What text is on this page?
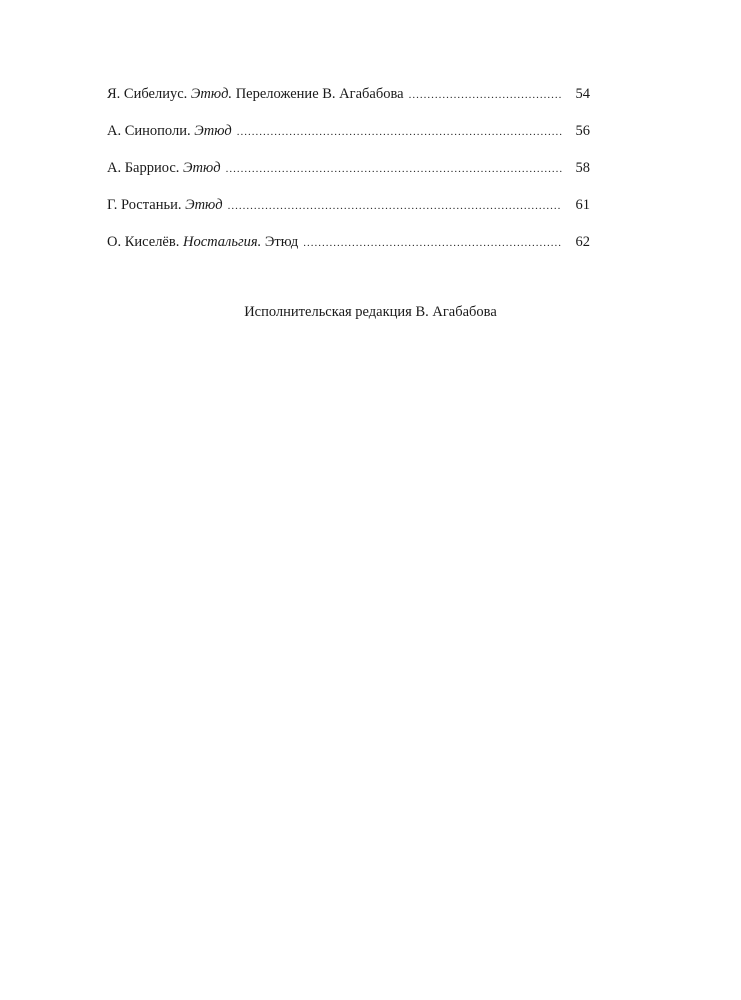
Я. Сибелиус. Этюд. Переложение В. Агабабова .....	54
А. Синополи. Этюд .....	56
А. Барриос. Этюд .....	58
Г. Ростаньи. Этюд .....	61
О. Киселёв. Ностальгия. Этюд .....	62
Исполнительская редакция В. Агабабова
